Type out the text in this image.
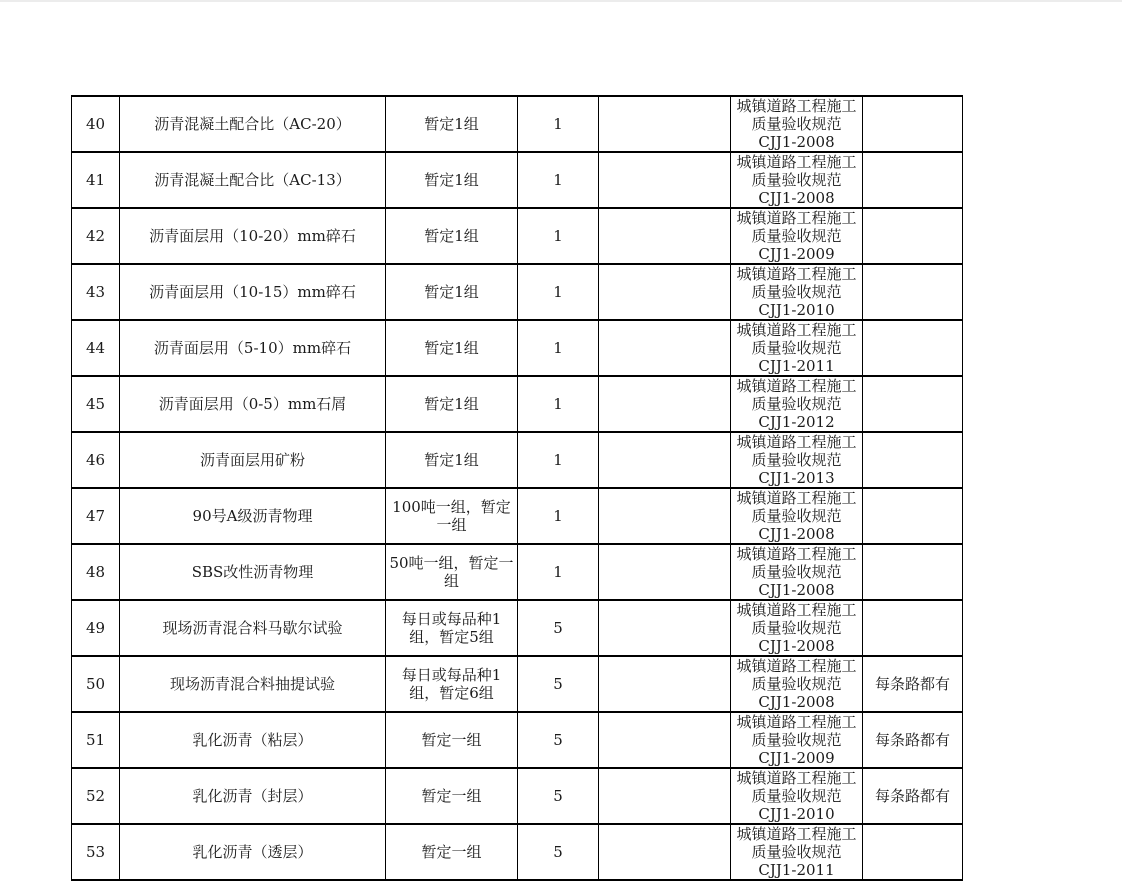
40	沥青混凝土配合比（AC-20）	暂定1组	1		城镇道路工程施工质量验收规范 CJJ1-2008	
41	沥青混凝土配合比（AC-13）	暂定1组	1		城镇道路工程施工质量验收规范 CJJ1-2008	
42	沥青面层用（10-20）mm碎石	暂定1组	1		城镇道路工程施工质量验收规范 CJJ1-2009	
43	沥青面层用（10-15）mm碎石	暂定1组	1		城镇道路工程施工质量验收规范 CJJ1-2010	
44	沥青面层用（5-10）mm碎石	暂定1组	1		城镇道路工程施工质量验收规范 CJJ1-2011	
45	沥青面层用（0-5）mm石屑	暂定1组	1		城镇道路工程施工质量验收规范 CJJ1-2012	
46	沥青面层用矿粉	暂定1组	1		城镇道路工程施工质量验收规范 CJJ1-2013	
47	90号A级沥青物理	100吨一组，暂定一组	1		城镇道路工程施工质量验收规范 CJJ1-2008	
48	SBS改性沥青物理	50吨一组，暂定一组	1		城镇道路工程施工质量验收规范 CJJ1-2008	
49	现场沥青混合料马歇尔试验	每日或每品种1组，暂定5组	5		城镇道路工程施工质量验收规范 CJJ1-2008	
50	现场沥青混合料抽提试验	每日或每品种1组，暂定6组	5		城镇道路工程施工质量验收规范 CJJ1-2008	每条路都有
51	乳化沥青（粘层）	暂定一组	5		城镇道路工程施工质量验收规范 CJJ1-2009	每条路都有
52	乳化沥青（封层）	暂定一组	5		城镇道路工程施工质量验收规范 CJJ1-2010	每条路都有
53	乳化沥青（透层）	暂定一组	5		城镇道路工程施工质量验收规范 CJJ1-2011	
